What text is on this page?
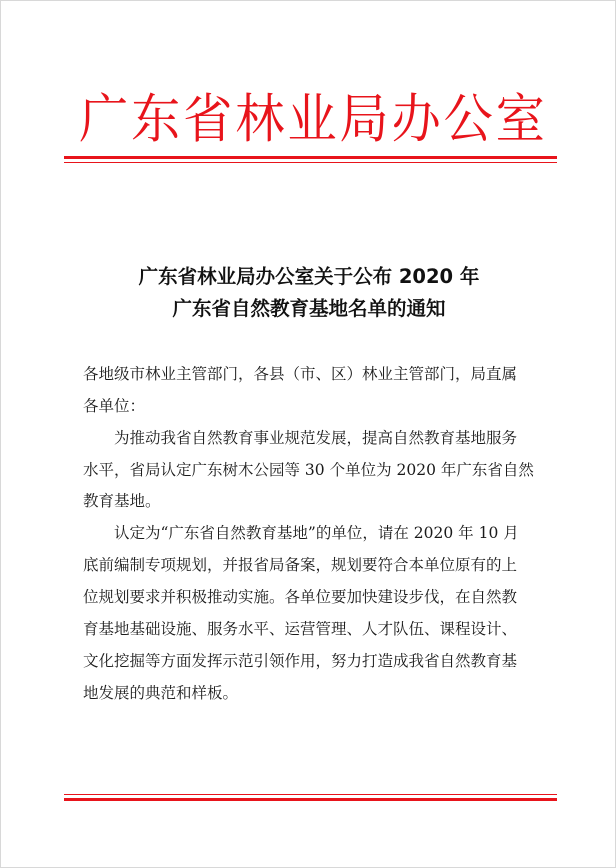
广东省林业局办公室
广东省林业局办公室关于公布 2020 年
广东省自然教育基地名单的通知
各地级市林业主管部门，各县（市、区）林业主管部门，局直属
各单位：
　　为推动我省自然教育事业规范发展，提高自然教育基地服务
水平，省局认定广东树木公园等 30 个单位为 2020 年广东省自然
教育基地。
　　认定为“广东省自然教育基地”的单位，请在 2020 年 10 月
底前编制专项规划，并报省局备案，规划要符合本单位原有的上
位规划要求并积极推动实施。各单位要加快建设步伐，在自然教
育基地基础设施、服务水平、运营管理、人才队伍、课程设计、
文化挖掘等方面发挥示范引领作用，努力打造成我省自然教育基
地发展的典范和样板。
